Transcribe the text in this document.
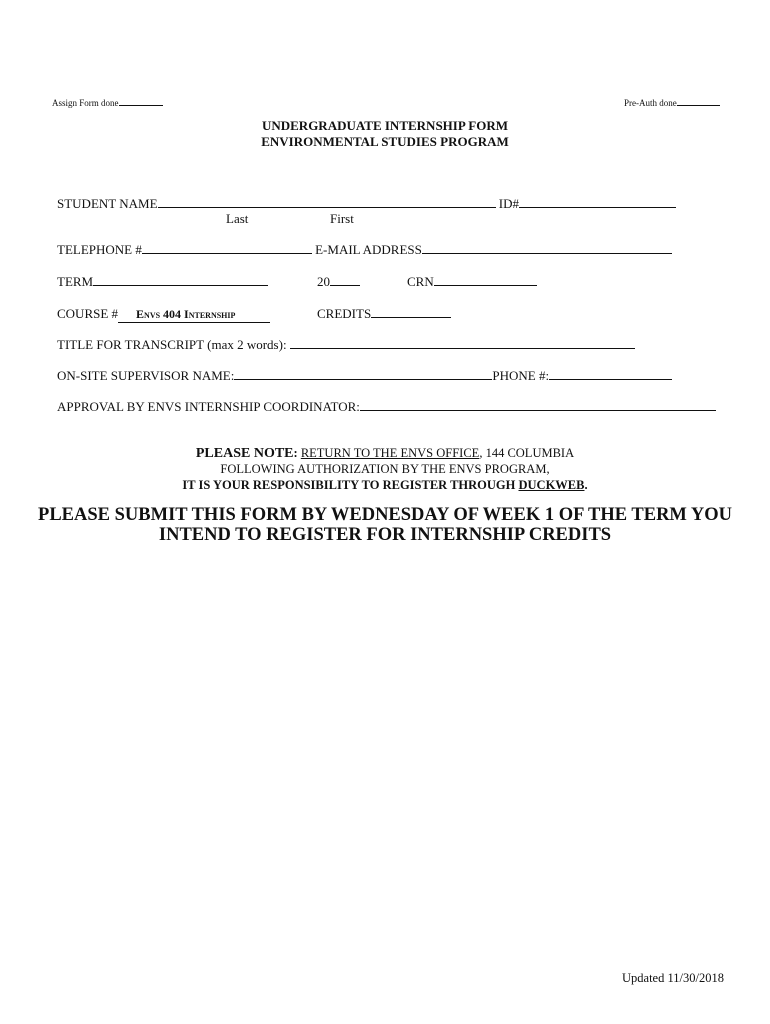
Assign Form done	Pre-Auth done
UNDERGRADUATE INTERNSHIP FORM
ENVIRONMENTAL STUDIES PROGRAM
STUDENT NAME	ID#
Last	First
TELEPHONE #	E-MAIL ADDRESS
TERM	20	CRN
COURSE # Envs 404 Internship	CREDITS
TITLE FOR TRANSCRIPT (max 2 words):
ON-SITE SUPERVISOR NAME:	PHONE #:
APPROVAL BY ENVS INTERNSHIP COORDINATOR:
PLEASE NOTE: RETURN TO THE ENVS OFFICE, 144 COLUMBIA
FOLLOWING AUTHORIZATION BY THE ENVS PROGRAM,
IT IS YOUR RESPONSIBILITY TO REGISTER THROUGH DUCKWEB.
PLEASE SUBMIT THIS FORM BY WEDNESDAY OF WEEK 1 OF THE TERM YOU
INTEND TO REGISTER FOR INTERNSHIP CREDITS
Updated 11/30/2018
